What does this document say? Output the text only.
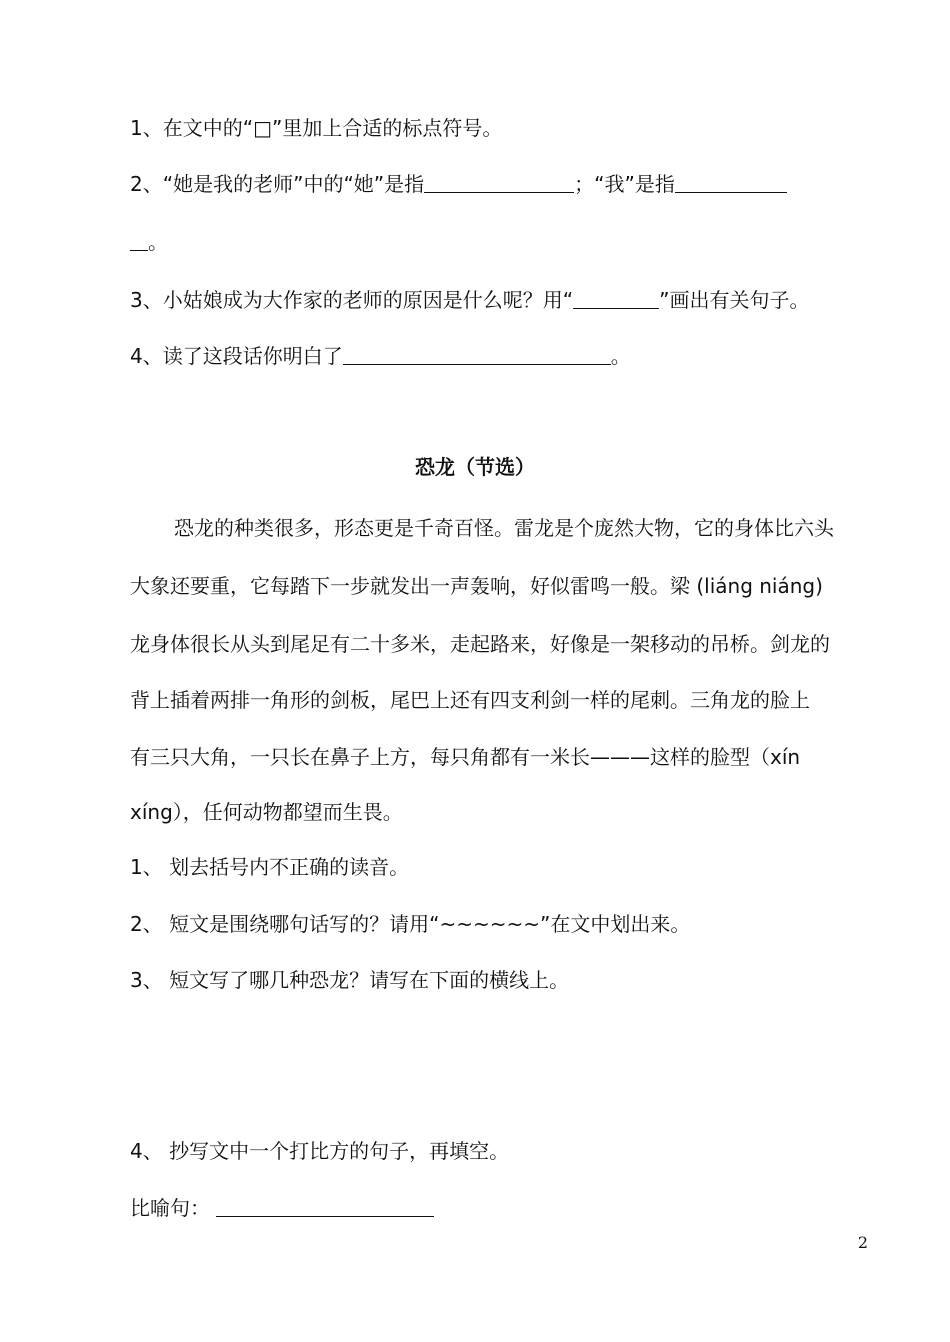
1、在文中的“□”里加上合适的标点符号。
2、“她是我的老师”中的“她”是指	；“我”是指
。
3、小姑娘成为大作家的老师的原因是什么呢？用“	”画出有关句子。
4、读了这段话你明白了	。
恐龙（节选）
恐龙的种类很多，形态更是千奇百怪。雷龙是个庞然大物，它的身体比六头
大象还要重，它每踏下一步就发出一声轰响，好似雷鸣一般。梁 (liáng niáng)
龙身体很长从头到尾足有二十多米，走起路来，好像是一架移动的吊桥。剑龙的
背上插着两排一角形的剑板，尾巴上还有四支利剑一样的尾刺。三角龙的脸上
有三只大角，一只长在鼻子上方，每只角都有一米长———这样的脸型（xín
xíng），任何动物都望而生畏。
1、 划去括号内不正确的读音。
2、 短文是围绕哪句话写的？请用“~~~~~~”在文中划出来。
3、 短文写了哪几种恐龙？请写在下面的横线上。
4、 抄写文中一个打比方的句子，再填空。
比喻句：
2
